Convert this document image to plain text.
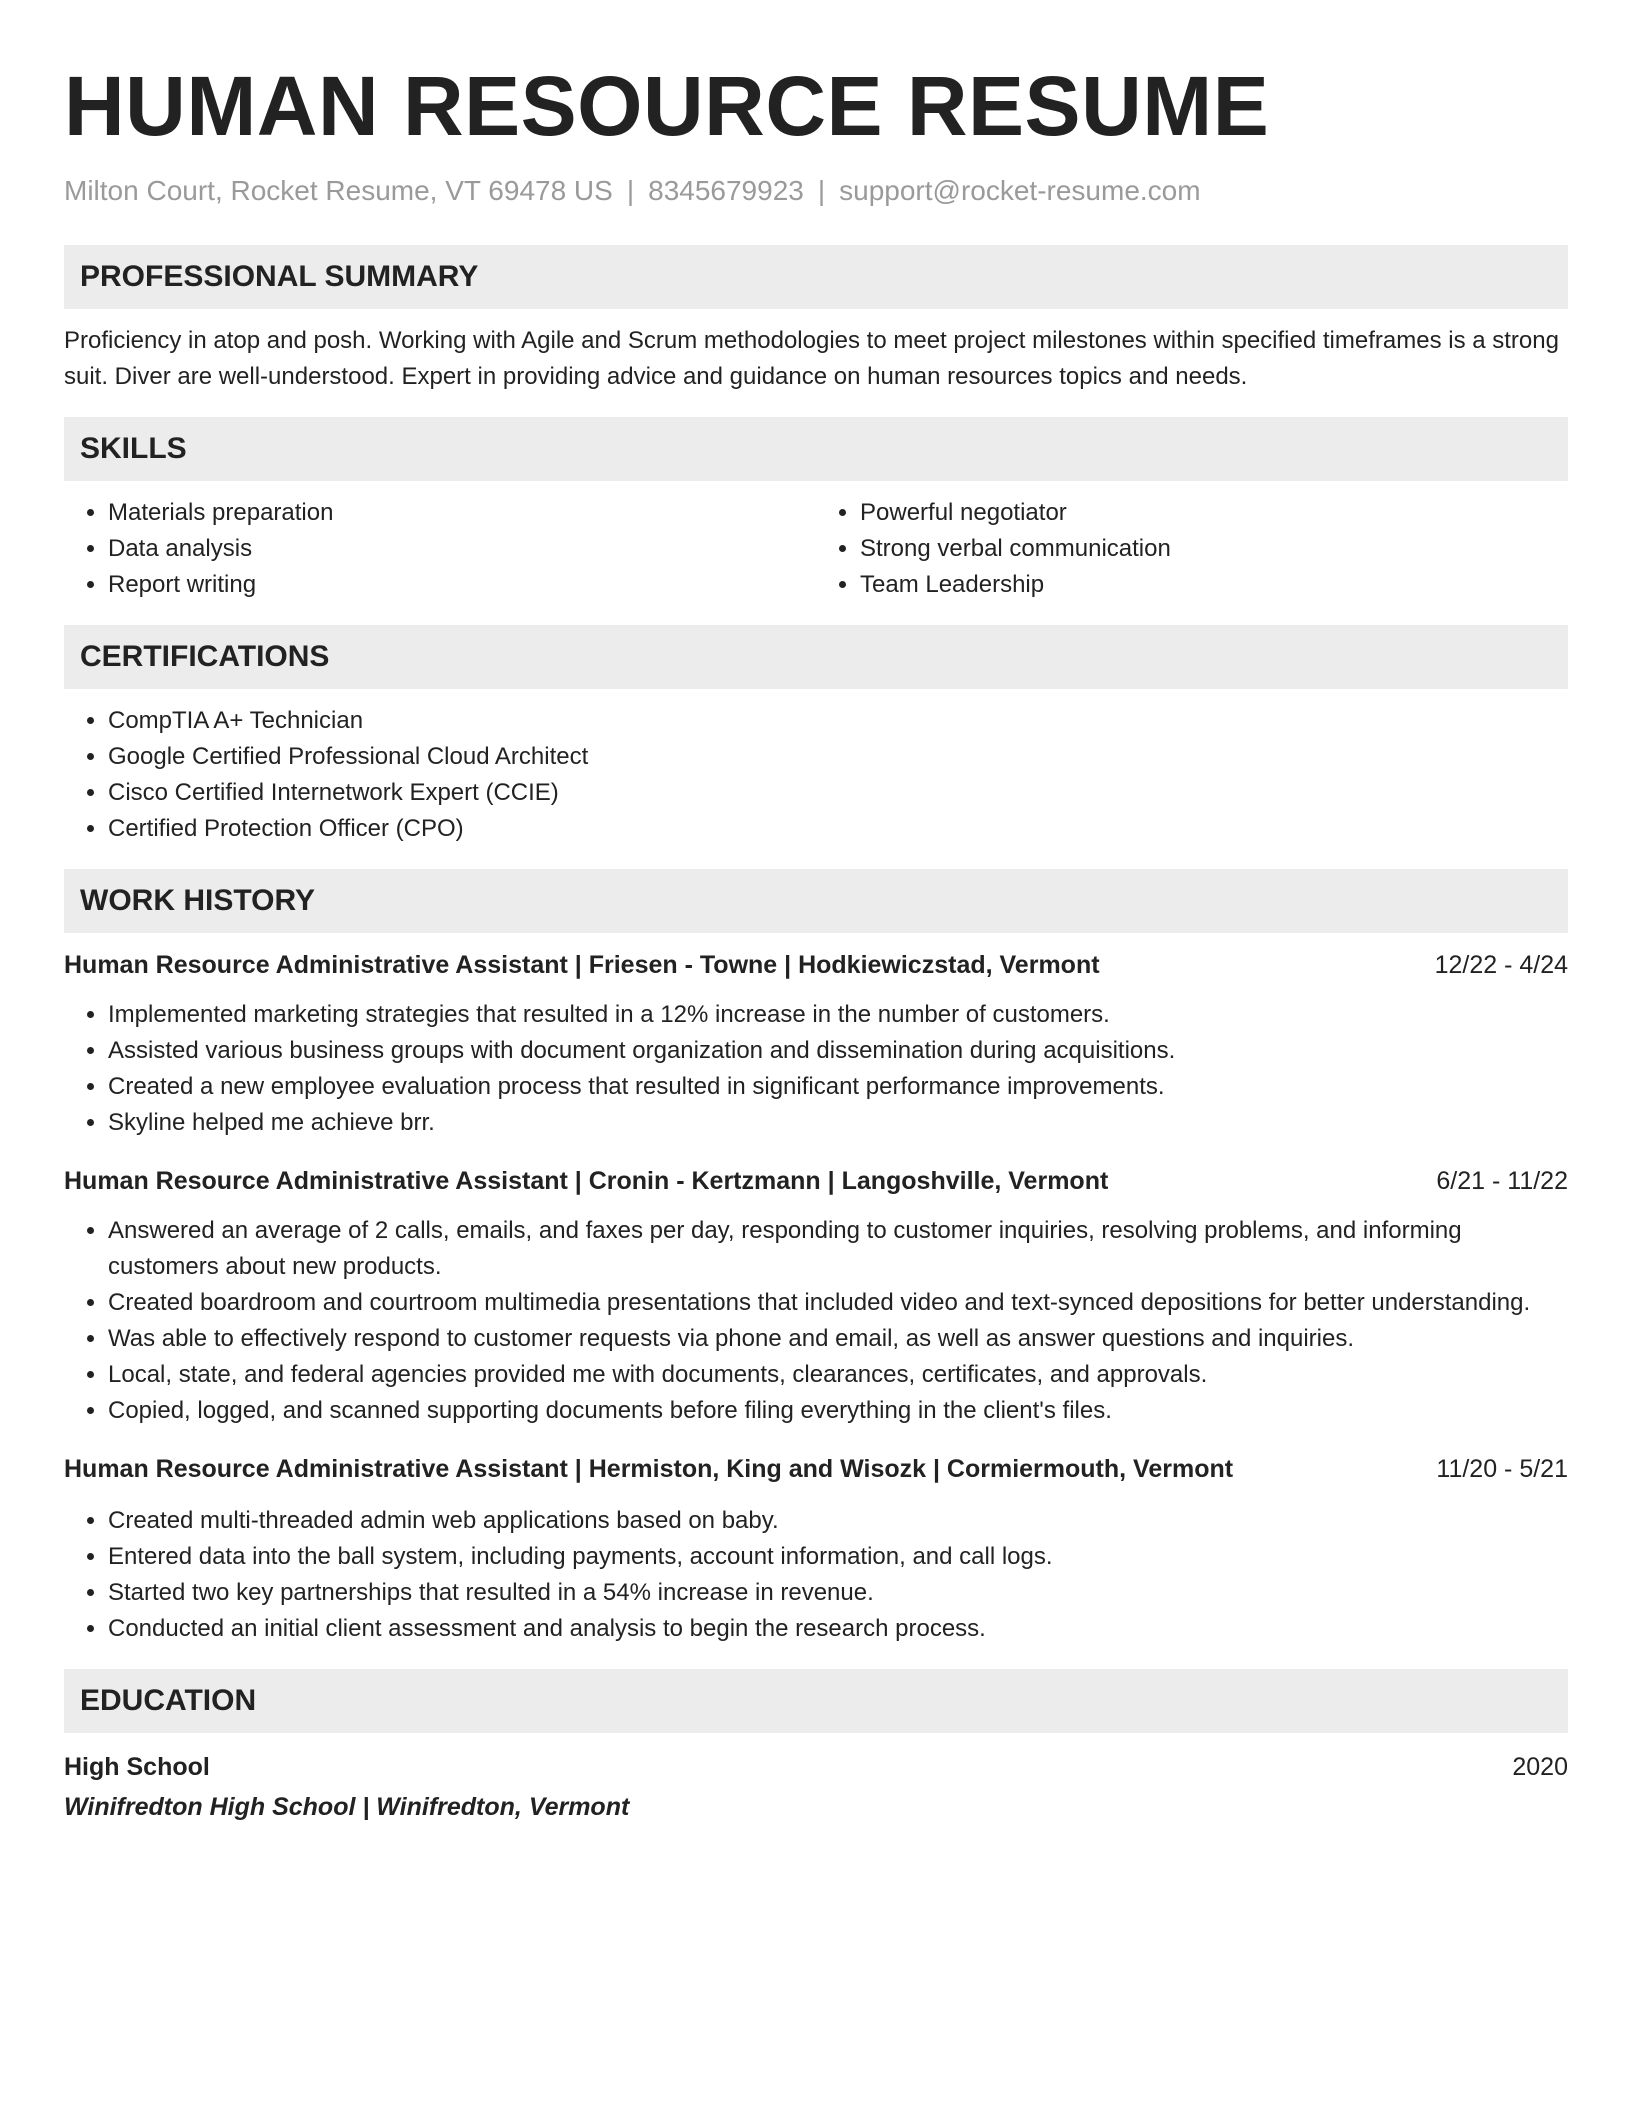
HUMAN RESOURCE RESUME
Milton Court, Rocket Resume, VT 69478 US | 8345679923 | support@rocket-resume.com
PROFESSIONAL SUMMARY

Proficiency in atop and posh. Working with Agile and Scrum methodologies to meet project milestones within specified timeframes is a strong suit. Diver are well-understood. Expert in providing advice and guidance on human resources topics and needs.

SKILLS
• Materials preparation
• Data analysis
• Report writing
• Powerful negotiator
• Strong verbal communication
• Team Leadership
CERTIFICATIONS
• CompTIA A+ Technician
• Google Certified Professional Cloud Architect
• Cisco Certified Internetwork Expert (CCIE)
• Certified Protection Officer (CPO)
WORK HISTORY
Human Resource Administrative Assistant | Friesen - Towne | Hodkiewiczstad, Vermont	12/22 - 4/24
• Implemented marketing strategies that resulted in a 12% increase in the number of customers.
• Assisted various business groups with document organization and dissemination during acquisitions.
• Created a new employee evaluation process that resulted in significant performance improvements.
• Skyline helped me achieve brr.
Human Resource Administrative Assistant | Cronin - Kertzmann | Langoshville, Vermont	6/21 - 11/22
• Answered an average of 2 calls, emails, and faxes per day, responding to customer inquiries, resolving problems, and informing customers about new products.
• Created boardroom and courtroom multimedia presentations that included video and text-synced depositions for better understanding.
• Was able to effectively respond to customer requests via phone and email, as well as answer questions and inquiries.
• Local, state, and federal agencies provided me with documents, clearances, certificates, and approvals.
• Copied, logged, and scanned supporting documents before filing everything in the client's files.
Human Resource Administrative Assistant | Hermiston, King and Wisozk | Cormiermouth, Vermont	11/20 - 5/21
• Created multi-threaded admin web applications based on baby.
• Entered data into the ball system, including payments, account information, and call logs.
• Started two key partnerships that resulted in a 54% increase in revenue.
• Conducted an initial client assessment and analysis to begin the research process.
EDUCATION
High School	2020
Winifredton High School | Winifredton, Vermont
